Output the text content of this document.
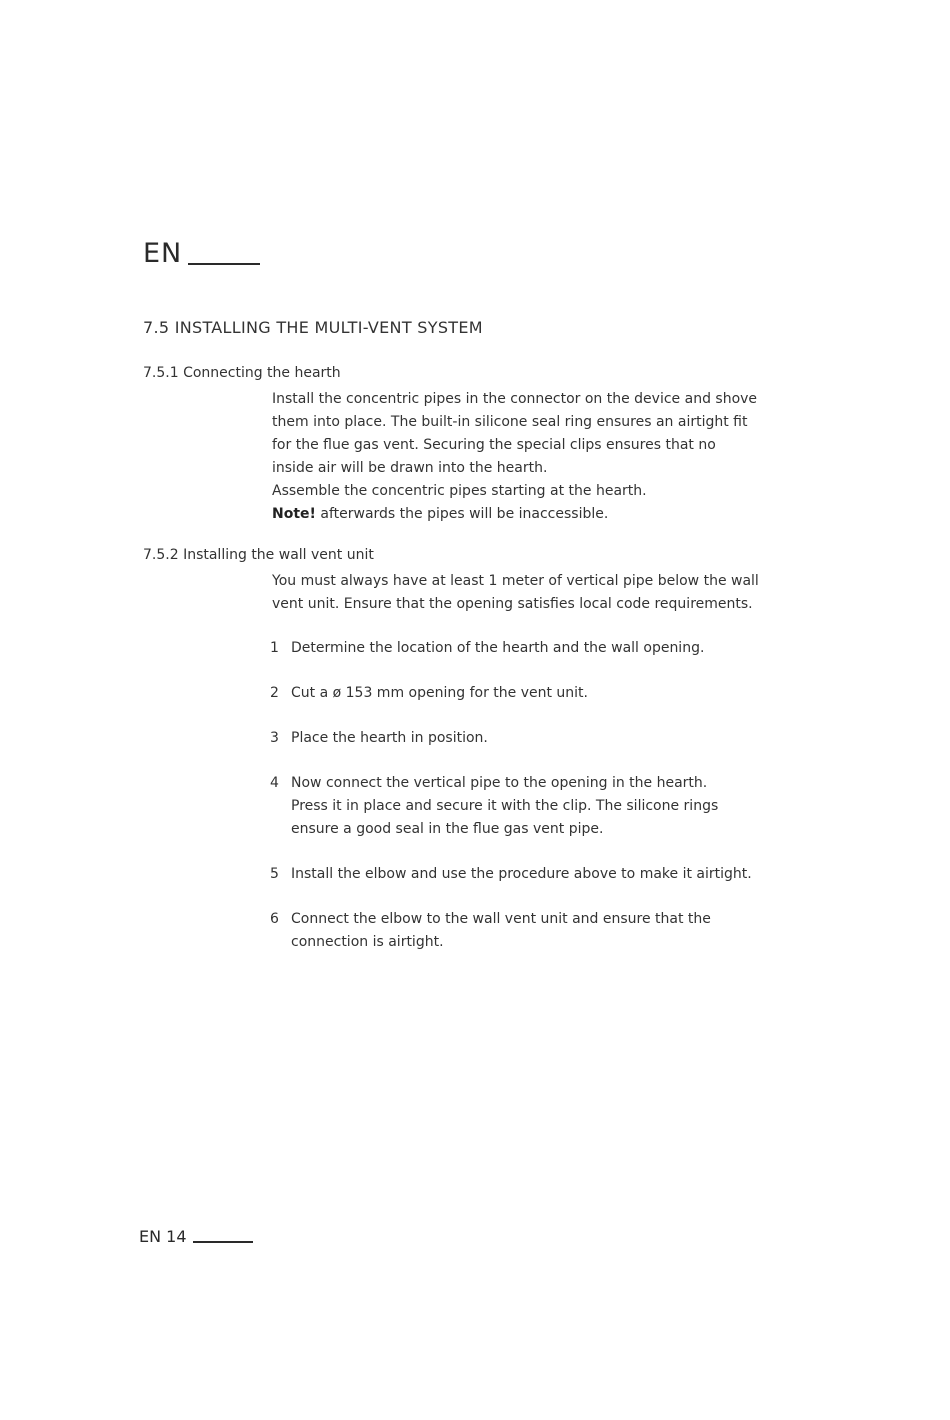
EN
7.5 INSTALLING THE MULTI-VENT SYSTEM
7.5.1 Connecting the hearth

Install the concentric pipes in the connector on the device and shove

them into place. The built-in silicone seal ring ensures an airtight fit

for the flue gas vent. Securing the special clips ensures that no

inside air will be drawn into the hearth.

Assemble the concentric pipes starting at the hearth.

Note! afterwards the pipes will be inaccessible.

7.5.2 Installing the wall vent unit

You must always have at least 1 meter of vertical pipe below the wall

vent unit. Ensure that the opening satisfies local code requirements.

1 Determine the location of the hearth and the wall opening.
2 Cut a ø 153 mm opening for the vent unit.
3 Place the hearth in position.
4 Now connect the vertical pipe to the opening in the hearth.
Press it in place and secure it with the clip. The silicone rings
ensure a good seal in the flue gas vent pipe.
5 Install the elbow and use the procedure above to make it airtight.
6 Connect the elbow to the wall vent unit and ensure that the
connection is airtight.
EN 14
